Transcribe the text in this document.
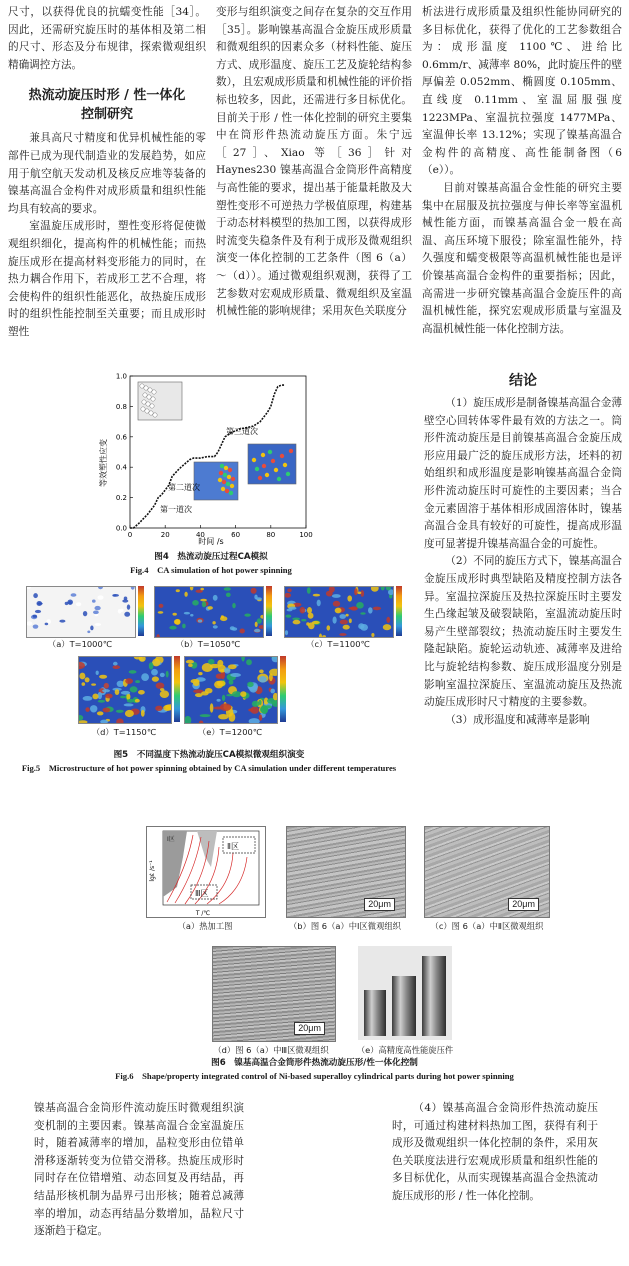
尺寸，以获得优良的抗蠕变性能［34］。因此，还需研究旋压时的基体相及第二相的尺寸、形态及分布规律，探索微观组织精确调控方法。

热流动旋压时形 / 性一体化控制研究

兼具高尺寸精度和优异机械性能的零部件已成为现代制造业的发展趋势，如应用于航空航天发动机及核反应堆等装备的镍基高温合金构件对成形质量和组织性能均具有较高的要求。

室温旋压成形时，塑性变形将促使微观组织细化，提高构件的机械性能；而热旋压成形在提高材料变形能力的同时，在热力耦合作用下，若成形工艺不合理，将会使构件的组织性能恶化，故热旋压成形时的组织性能控制至关重要；而且成形时塑性

变形与组织演变之间存在复杂的交互作用［35］。影响镍基高温合金旋压成形质量和微观组织的因素众多（材料性能、旋压方式、成形温度、旋压工艺及旋轮结构参数），且宏观成形质量和机械性能的评价指标也较多，因此，还需进行多目标优化。目前关于形 / 性一体化控制的研究主要集中在筒形件热流动旋压方面。朱宁远［27］、Xiao 等［36］针对 Haynes230 镍基高温合金筒形件高精度与高性能的要求，提出基于能量耗散及大塑性变形不可逆热力学极值原理，构建基于动态材料模型的热加工图，以获得成形时流变失稳条件及有利于成形及微观组织演变一体化控制的工艺条件（图 6（a）～（d））。通过微观组织观测，获得了工艺参数对宏观成形质量、微观组织及室温机械性能的影响规律；采用灰色关联度分

析法进行成形质量及组织性能协同研究的多目标优化，获得了优化的工艺参数组合为：成形温度 1100℃、进给比 0.6mm/r、减薄率 80%，此时旋压件的壁厚偏差 0.052mm、椭圆度 0.105mm、直线度 0.11mm、室温屈服强度 1223MPa、室温抗拉强度 1477MPa、室温伸长率 13.12%；实现了镍基高温合金构件的高精度、高性能制备图（6（e））。

目前对镍基高温合金性能的研究主要集中在屈服及抗拉强度与伸长率等室温机械性能方面，而镍基高温合金一般在高温、高压环境下服役；除室温性能外，持久强度和蠕变极限等高温机械性能也是评价镍基高温合金构件的重要指标；因此，高需进一步研究镍基高温合金旋压件的高温机械性能，探究宏观成形质量与室温及高温机械性能一体化控制方法。

结论

（1）旋压成形是制备镍基高温合金薄壁空心回转体零件最有效的方法之一。筒形件流动旋压是目前镍基高温合金旋压成形应用最广泛的旋压成形方法，坯料的初始组织和成形温度是影响镍基高温合金筒形件流动旋压时可旋性的主要因素；当合金元素固溶于基体相形成固溶体时，镍基高温合金具有较好的可旋性，提高成形温度可显著提升镍基高温合金的可旋性。

（2）不同的旋压方式下，镍基高温合金旋压成形时典型缺陷及精度控制方法各异。室温拉深旋压及热拉深旋压时主要发生凸缘起皱及破裂缺陷，室温流动旋压时易产生壁部裂纹；热流动旋压时主要发生隆起缺陷。旋轮运动轨迹、减薄率及进给比与旋轮结构参数、旋压成形温度分别是影响室温拉深旋压、室温流动旋压及热流动旋压成形时尺寸精度的主要参数。

（3）成形温度和减薄率是影响

0	20	40	60	80	100
0.0
0.2
0.4
0.6
0.8
1.0
等效塑性应变
时间 /s
第一道次
第二道次
第三道次
图4　热流动旋压过程CA模拟
Fig.4　CA simulation of hot power spinning
（a）T=1000℃	（b）T=1050℃	（c）T=1100℃
（d）T=1150℃	（e）T=1200℃
图5　不同温度下热流动旋压CA模拟微观组织演变
Fig.5　Microstructure of hot power spinning obtained by CA simulation under different temperatures
Ⅱ区
Ⅲ区
Ⅰ区
T /℃
lgε̇ /s⁻¹
（a）热加工图
20μm
（b）图 6（a）中Ⅰ区微观组织
20μm
（c）图 6（a）中Ⅱ区微观组织
20μm
（d）图 6（a）中Ⅲ区微观组织	（e）高精度高性能旋压件
图6　镍基高温合金筒形件热流动旋压形/性一体化控制
Fig.6　Shape/property integrated control of Ni-based superalloy cylindrical parts during hot power spinning

镍基高温合金筒形件流动旋压时微观组织演变机制的主要因素。镍基高温合金室温旋压时，随着减薄率的增加，晶粒变形由位错单滑移逐渐转变为位错交滑移。热旋压成形时同时存在位错增殖、动态回复及再结晶，再结晶形核机制为晶界弓出形核；随着总减薄率的增加，动态再结晶分数增加，晶粒尺寸逐渐趋于稳定。

（4）镍基高温合金筒形件热流动旋压时，可通过构建材料热加工图，获得有利于成形及微观组织一体化控制的条件，采用灰色关联度法进行宏观成形质量和组织性能的多目标优化，从而实现镍基高温合金热流动旋压成形的形 / 性一体化控制。
